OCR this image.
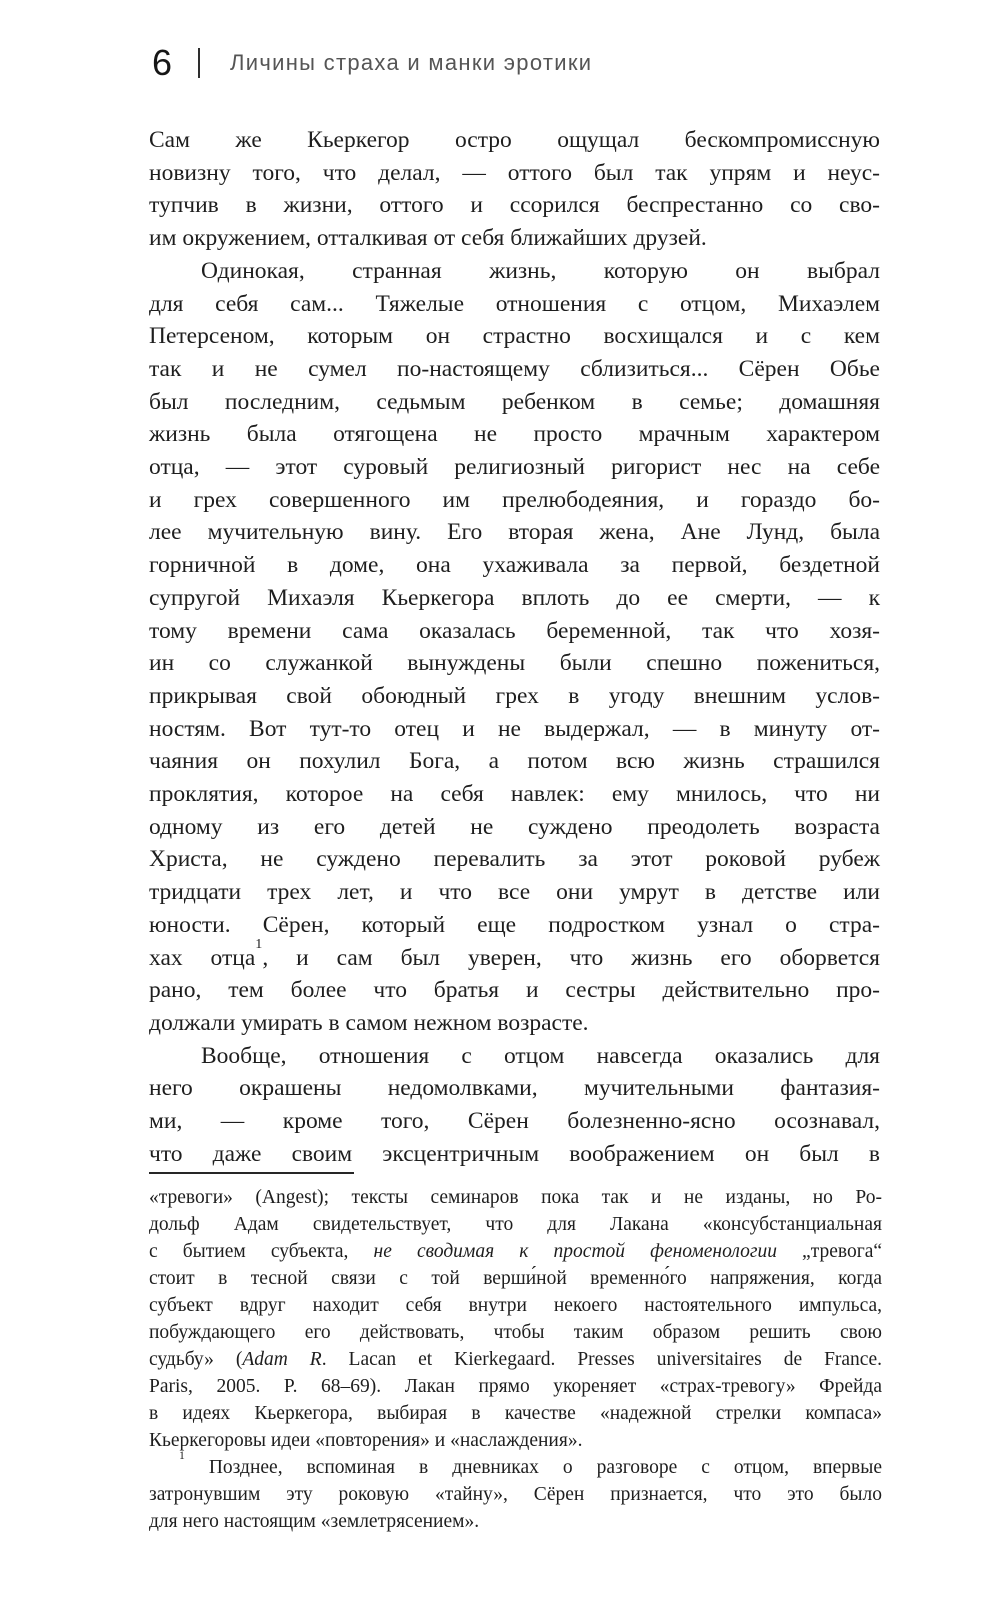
6	Личины страха и манки эротики
Сам же Кьеркегор остро ощущал бескомпромиссную
новизну того, что делал, — оттого был так упрям и неус-
тупчив в жизни, оттого и ссорился беспрестанно со сво-
им окружением, отталкивая от себя ближайших друзей.
Одинокая, странная жизнь, которую он выбрал
для себя сам... Тяжелые отношения с отцом, Михаэлем
Петерсеном, которым он страстно восхищался и с кем
так и не сумел по-настоящему сблизиться... Сёрен Обье
был последним, седьмым ребенком в семье; домашняя
жизнь была отягощена не просто мрачным характером
отца, — этот суровый религиозный ригорист нес на себе
и грех совершенного им прелюбодеяния, и гораздо бо-
лее мучительную вину. Его вторая жена, Ане Лунд, была
горничной в доме, она ухаживала за первой, бездетной
супругой Михаэля Кьеркегора вплоть до ее смерти, — к
тому времени сама оказалась беременной, так что хозя-
ин со служанкой вынуждены были спешно пожениться,
прикрывая свой обоюдный грех в угоду внешним услов-
ностям. Вот тут-то отец и не выдержал, — в минуту от-
чаяния он похулил Бога, а потом всю жизнь страшился
проклятия, которое на себя навлек: ему мнилось, что ни
одному из его детей не суждено преодолеть возраста
Христа, не суждено перевалить за этот роковой рубеж
тридцати трех лет, и что все они умрут в детстве или
юности. Сёрен, который еще подростком узнал о стра-
хах отца$^1$, и сам был уверен, что жизнь его оборвется
рано, тем более что братья и сестры действительно про-
должали умирать в самом нежном возрасте.
Вообще, отношения с отцом навсегда оказались для
него окрашены недомолвками, мучительными фантазия-
ми, — кроме того, Сёрен болезненно-ясно осознавал,
что даже своим эксцентричным воображением он был в
«тревоги» (Angest); тексты семинаров пока так и не изданы, но Ро-
дольф Адам свидетельствует, что для Лакана «консубстанциальная
с бытием субъекта, не сводимая к простой феноменологии „тревога“
стоит в тесной связи с той верши́ной временно́го напряжения, когда
субъект вдруг находит себя внутри некоего настоятельного импульса,
побуждающего его действовать, чтобы таким образом решить свою
судьбу» (Adam R. Lacan et Kierkegaard. Presses universitaires de France.
Paris, 2005. P. 68–69). Лакан прямо укореняет «страх-тревогу» Фрейда
в идеях Кьеркегора, выбирая в качестве «надежной стрелки компаса»
Кьеркегоровы идеи «повторения» и «наслаждения».
$^1$ Позднее, вспоминая в дневниках о разговоре с отцом, впервые
затронувшим эту роковую «тайну», Сёрен признается, что это было
для него настоящим «землетрясением».
